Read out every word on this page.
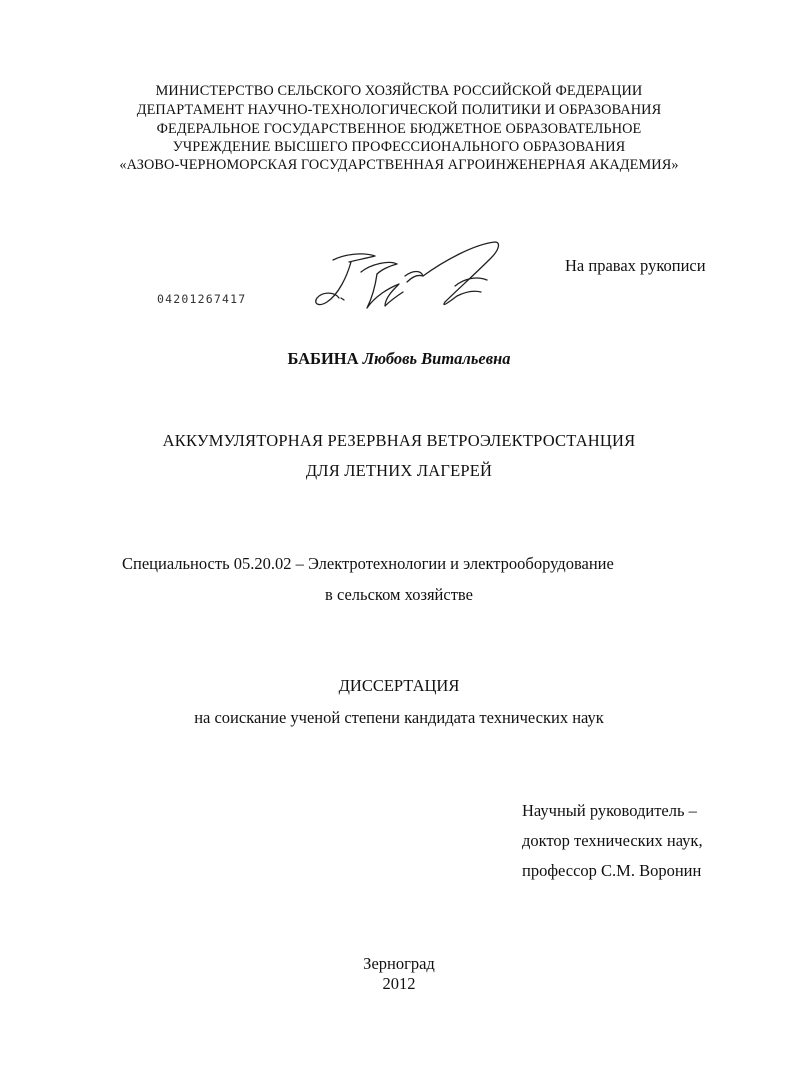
МИНИСТЕРСТВО СЕЛЬСКОГО ХОЗЯЙСТВА РОССИЙСКОЙ ФЕДЕРАЦИИ
ДЕПАРТАМЕНТ НАУЧНО-ТЕХНОЛОГИЧЕСКОЙ ПОЛИТИКИ И ОБРАЗОВАНИЯ
ФЕДЕРАЛЬНОЕ ГОСУДАРСТВЕННОЕ БЮДЖЕТНОЕ ОБРАЗОВАТЕЛЬНОЕ
УЧРЕЖДЕНИЕ ВЫСШЕГО ПРОФЕССИОНАЛЬНОГО ОБРАЗОВАНИЯ
«АЗОВО-ЧЕРНОМОРСКАЯ ГОСУДАРСТВЕННАЯ АГРОИНЖЕНЕРНАЯ АКАДЕМИЯ»
На правах рукописи
04201267417
БАБИНА Любовь Витальевна
АККУМУЛЯТОРНАЯ РЕЗЕРВНАЯ ВЕТРОЭЛЕКТРОСТАНЦИЯ
ДЛЯ ЛЕТНИХ ЛАГЕРЕЙ
Специальность 05.20.02 – Электротехнологии и электрооборудование
в сельском хозяйстве
ДИССЕРТАЦИЯ
на соискание ученой степени кандидата технических наук
Научный руководитель –
доктор технических наук,
профессор С.М. Воронин
Зерноград
2012
